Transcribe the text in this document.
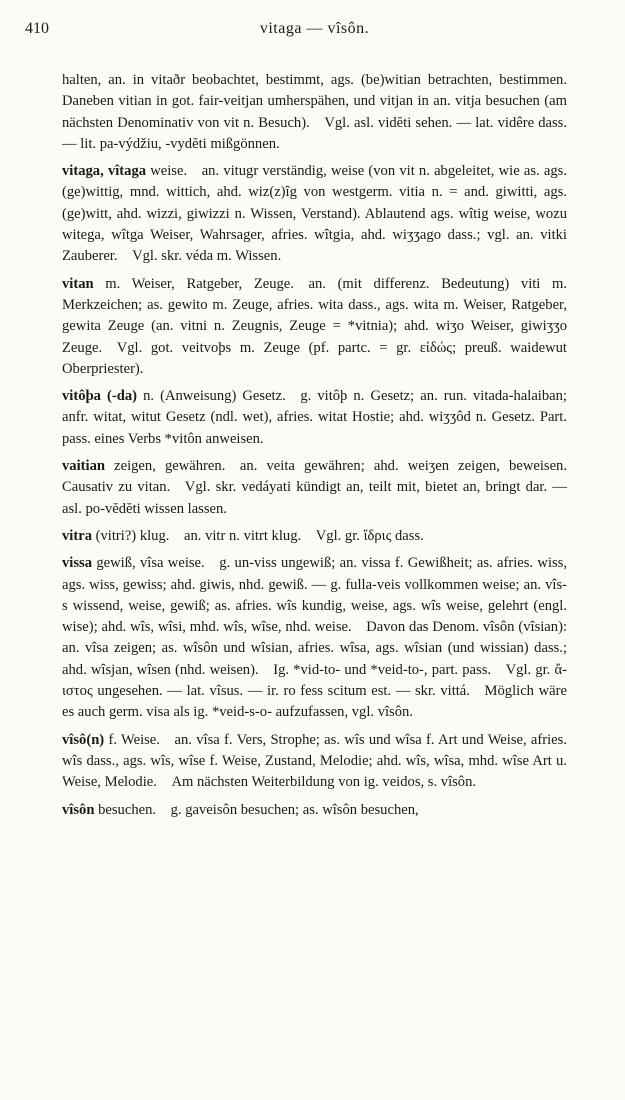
410	vitaga — vîsôn.

halten, an. in vitaðr beobachtet, bestimmt, ags. (be)witian betrachten, bestimmen. Daneben vitian in got. fair-veitjan umherspähen, und vitjan in an. vitja besuchen (am nächsten Denominativ von vit n. Besuch). Vgl. asl. vidĕti sehen. — lat. vidêre dass. — lit. pa-výdžiu, -vydĕti mißgönnen.

vitaga, vîtaga weise. an. vitugr verständig, weise (von vit n. abgeleitet, wie as. ags. (ge)wittig, mnd. wittich, ahd. wiz(z)îg von westgerm. vitia n. = and. giwitti, ags. (ge)witt, ahd. wizzi, giwizzi n. Wissen, Verstand). Ablautend ags. wîtig weise, wozu witega, wîtga Weiser, Wahrsager, afries. wîtgia, ahd. wiʒʒago dass.; vgl. an. vitki Zauberer. Vgl. skr. véda m. Wissen.

vitan m. Weiser, Ratgeber, Zeuge. an. (mit differenz. Bedeutung) viti m. Merkzeichen; as. gewito m. Zeuge, afries. wita dass., ags. wita m. Weiser, Ratgeber, gewita Zeuge (an. vitni n. Zeugnis, Zeuge = *vitnia); ahd. wiʒo Weiser, giwiʒʒo Zeuge. Vgl. got. veitvoþs m. Zeuge (pf. partc. = gr. εἰδώς; preuß. waidewut Oberpriester).

vitôþa (-da) n. (Anweisung) Gesetz. g. vitôþ n. Gesetz; an. run. vitada-halaiban; anfr. witat, witut Gesetz (ndl. wet), afries. witat Hostie; ahd. wiʒʒôd n. Gesetz. Part. pass. eines Verbs *vitôn anweisen.

vaitian zeigen, gewähren. an. veita gewähren; ahd. weiʒen zeigen, beweisen. Causativ zu vitan. Vgl. skr. vedáyati kündigt an, teilt mit, bietet an, bringt dar. — asl. po-vĕdĕti wissen lassen.

vitra (vitri?) klug. an. vitr n. vitrt klug. Vgl. gr. ἴδρις dass.

vissa gewiß, vîsa weise. g. un-viss ungewiß; an. vissa f. Gewißheit; as. afries. wiss, ags. wiss, gewiss; ahd. giwis, nhd. gewiß. — g. fulla-veis vollkommen weise; an. vîs-s wissend, weise, gewiß; as. afries. wîs kundig, weise, ags. wîs weise, gelehrt (engl. wise); ahd. wîs, wîsi, mhd. wîs, wîse, nhd. weise. Davon das Denom. vîsôn (vîsian): an. vîsa zeigen; as. wîsôn und wîsian, afries. wîsa, ags. wîsian (und wissian) dass.; ahd. wîsjan, wîsen (nhd. weisen). Ig. *vid-to- und *veid-to-, part. pass. Vgl. gr. ἄ-ιστος ungesehen. — lat. vîsus. — ir. ro fess scitum est. — skr. vittá. Möglich wäre es auch germ. visa als ig. *veid-s-o- aufzufassen, vgl. vîsôn.

vîsô(n) f. Weise. an. vîsa f. Vers, Strophe; as. wîs und wîsa f. Art und Weise, afries. wîs dass., ags. wîs, wîse f. Weise, Zustand, Melodie; ahd. wîs, wîsa, mhd. wîse Art u. Weise, Melodie. Am nächsten Weiterbildung von ig. veidos, s. vîsôn.

vîsôn besuchen. g. gaveisôn besuchen; as. wîsôn besuchen,
